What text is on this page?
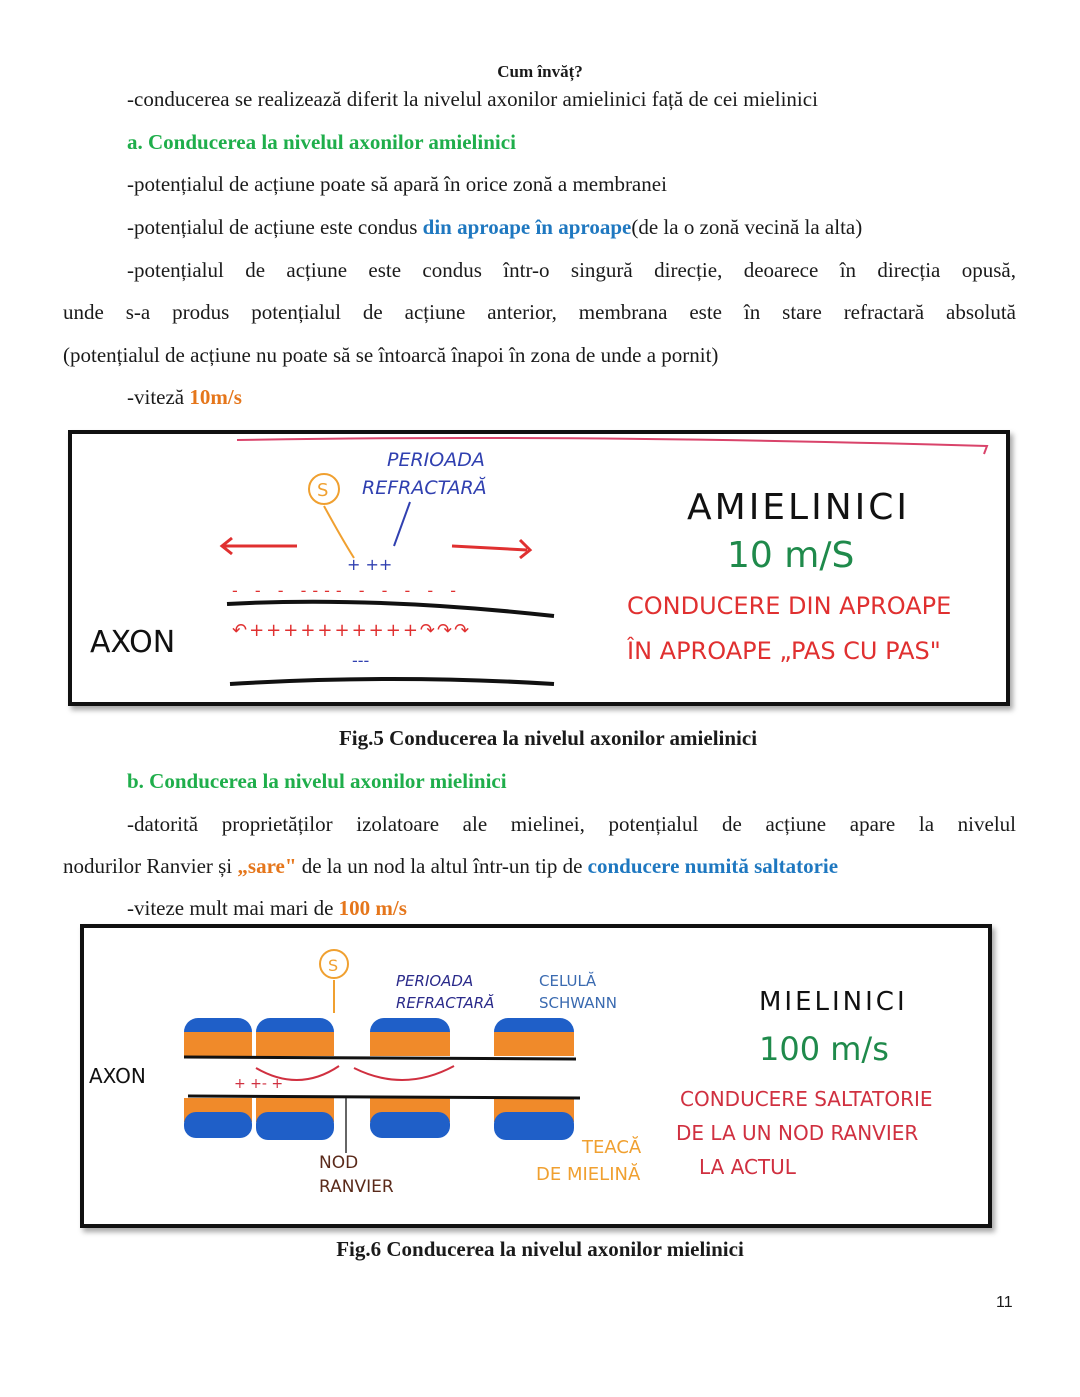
Cum învăț?
-conducerea se realizează diferit la nivelul axonilor amielinici față de cei mielinici
a. Conducerea la nivelul axonilor amielinici
-potențialul de acțiune poate să apară în orice zonă a membranei
-potențialul de acțiune este condus din aproape în aproape(de la o zonă vecină la alta)
-potențialul de acțiune este condus într-o singură direcție, deoarece în direcția opusă,
unde s-a produs potențialul de acțiune anterior, membrana este în stare refractară absolută
(potențialul de acțiune nu poate să se întoarcă înapoi în zona de unde a pornit)
-viteză 10m/s
S
PERIOADA
REFRACTARĂ
+ ++
- - - ---- - - - - -
↶++++++++++↷↷↷
---
AXON
AMIELINICI
10 m/S
CONDUCERE DIN APROAPE
ÎN APROAPE „PAS CU PAS"
Fig.5 Conducerea la nivelul axonilor amielinici
b. Conducerea la nivelul axonilor mielinici
-datorită proprietăților izolatoare ale mielinei, potențialul de acțiune apare la nivelul
nodurilor Ranvier și „sare" de la un nod la altul într-un tip de conducere numită saltatorie
-viteze mult mai mari de 100 m/s
S
PERIOADA
REFRACTARĂ
CELULĂ
SCHWANN
+ +- +
AXON
NOD
RANVIER
TEACĂ
DE MIELINĂ
MIELINICI
100 m/s
CONDUCERE SALTATORIE
DE LA UN NOD RANVIER
LA ACTUL
Fig.6 Conducerea la nivelul axonilor mielinici
11
